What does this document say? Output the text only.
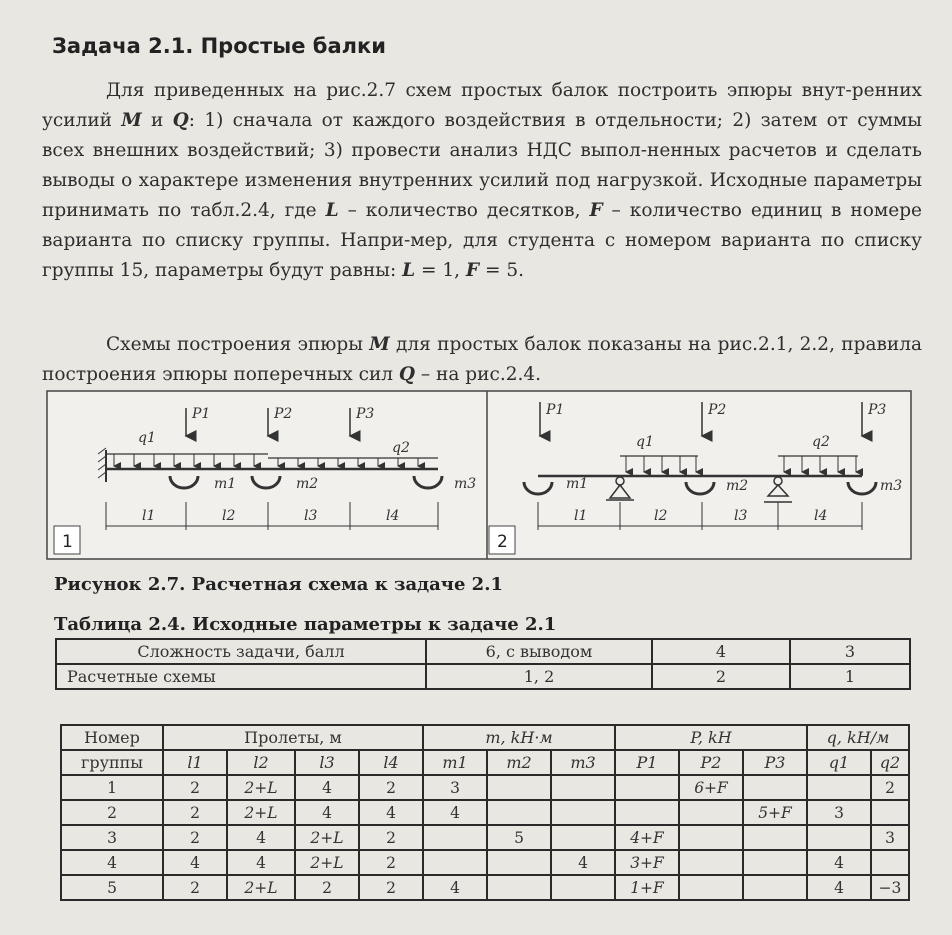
Задача 2.1. Простые балки

Для приведенных на рис.2.7 схем простых балок построить эпюры внут-ренних усилий M и Q: 1) сначала от каждого воздействия в отдельности; 2) затем от суммы всех внешних воздействий; 3) провести анализ НДС выпол-ненных расчетов и сделать выводы о характере изменения внутренних усилий под нагрузкой. Исходные параметры принимать по табл.2.4, где L – количество десятков, F – количество единиц в номере варианта по списку группы. Напри-мер, для студента с номером варианта по списку группы 15, параметры будут равны: L = 1, F = 5.

Схемы построения эпюры M для простых балок показаны на рис.2.1, 2.2, правила построения эпюры поперечных сил Q – на рис.2.4.

1
q1
q2
P1	P2	P3
m1	m2	m3
l1	l2	l3	l4
2
q1	q2
P1	P2	P3
m1	m2	m3
l1	l2	l3	l4
Рисунок 2.7. Расчетная схема к задаче 2.1
Таблица 2.4. Исходные параметры к задаче 2.1
Сложность задачи, балл	6, с выводом	4	3
Расчетные схемы	1, 2	2	1
Номер	Пролеты, м				m, kH·м			P, kH			q, kH/м	
группы	l1	l2	l3	l4	m1	m2	m3	P1	P2	P3	q1	q2
1	2	2+L	4	2	3				6+F			2
2	2	2+L	4	4	4					5+F	3	
3	2	4	2+L	2		5		4+F				3
4	4	4	2+L	2			4	3+F			4	
5	2	2+L	2	2	4			1+F			4	−3
